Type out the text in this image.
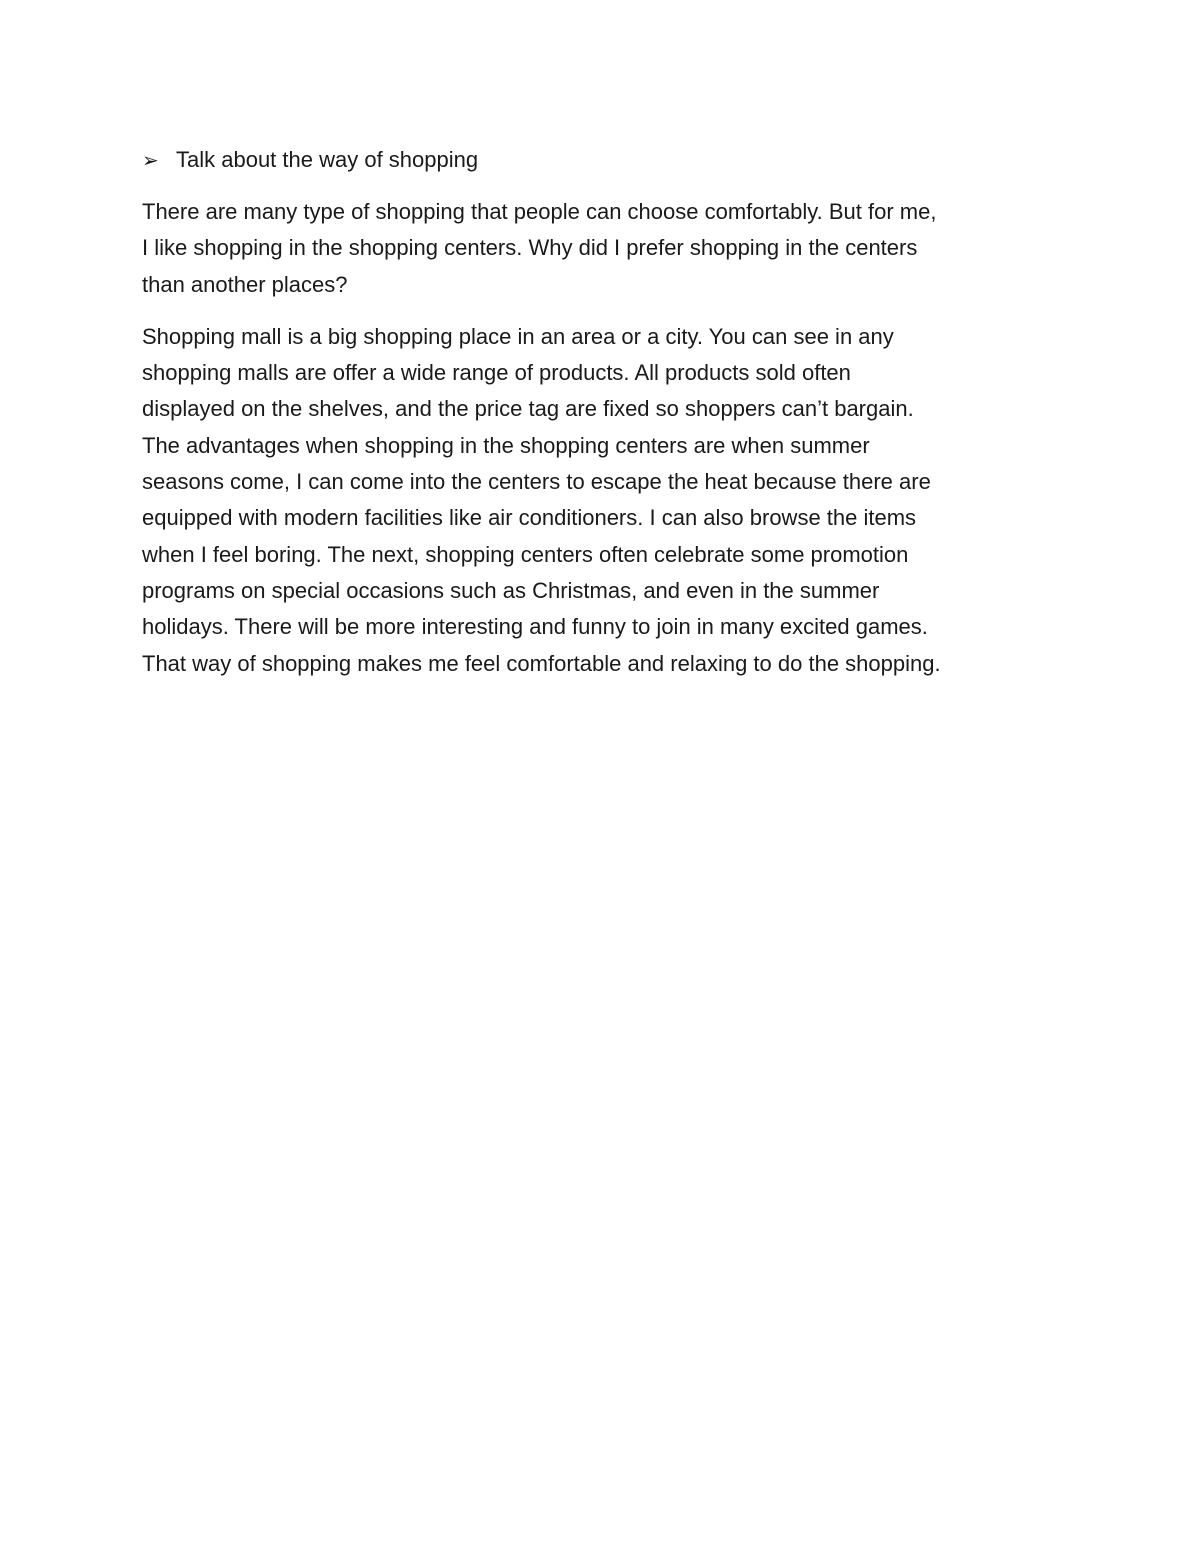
➢ Talk about the way of shopping
There are many type of shopping that people can choose comfortably. But for me,
I like shopping in the shopping centers. Why did I prefer shopping in the centers
than another places?
Shopping mall is a big shopping place in an area or a city. You can see in any
shopping malls are offer a wide range of products. All products sold often
displayed on the shelves, and the price tag are fixed so shoppers can’t bargain.
The advantages when shopping in the shopping centers are when summer
seasons come, I can come into the centers to escape the heat because there are
equipped with modern facilities like air conditioners. I can also browse the items
when I feel boring. The next, shopping centers often celebrate some promotion
programs on special occasions such as Christmas, and even in the summer
holidays. There will be more interesting and funny to join in many excited games.
That way of shopping makes me feel comfortable and relaxing to do the shopping.
